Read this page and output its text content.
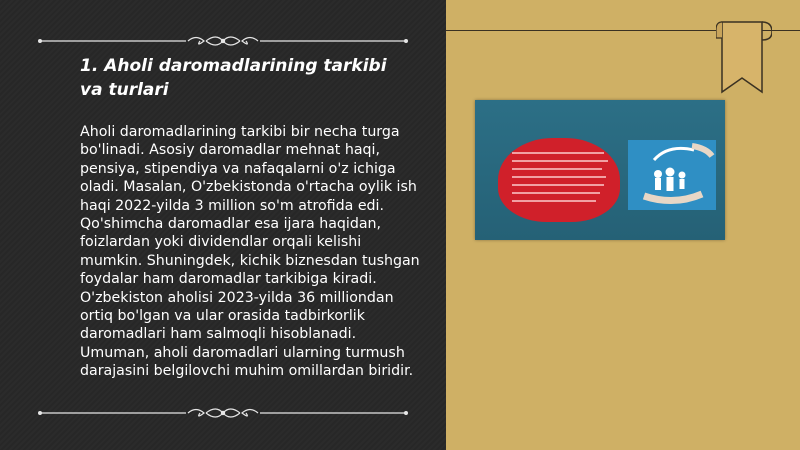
1. Aholi daromadlarining tarkibi va turlari
Aholi daromadlarining tarkibi bir necha turga bo'linadi. Asosiy daromadlar mehnat haqi, pensiya, stipendiya va nafaqalarni o'z ichiga oladi. Masalan, O'zbekistonda o'rtacha oylik ish haqi 2022-yilda 3 million so'm atrofida edi. Qo'shimcha daromadlar esa ijara haqidan, foizlardan yoki dividendlar orqali kelishi mumkin. Shuningdek, kichik biznesdan tushgan foydalar ham daromadlar tarkibiga kiradi. O'zbekiston aholisi 2023-yilda 36 milliondan ortiq bo'lgan va ular orasida tadbirkorlik daromadlari ham salmoqli hisoblanadi. Umuman, aholi daromadlari ularning turmush darajasini belgilovchi muhim omillardan biridir.
